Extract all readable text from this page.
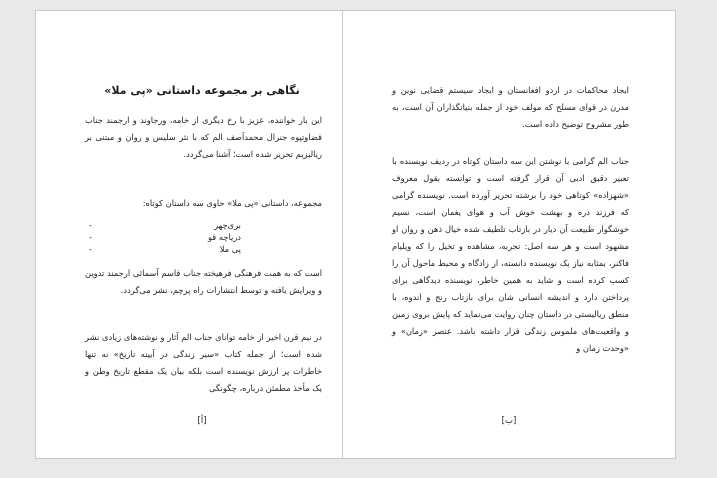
نگاهی بر مجموعه داستانی «پی ملا»

این بار خواننده، عزیز با رخ دیگری از خامه، ورجاوند و ارجمند جناب قضاوتپوه جنرال محمدآصف الم که با نثر سلیس و روان و مبتنی بر ریالیزیم تحریر شده است؛ آشنا می‌گردد.

مجموعه، داستانی «پی ملا» حاوی سه داستان کوتاه:

بری‌چهر
-
دریاچه قو
-
پی ملا
-

است که به همت فرهنگی فرهیخته جناب قاسم آسمائی ارجمند تدوین و ویرایش یافته و توسط انتشارات راه پرچم، نشر می‌گردد.

در نیم قرن اخیر از خامه توانای جناب الم آثار و نوشته‌های زیادی نشر شده است؛ از جمله کتاب «سیر زندگی در آیینه تاریخ» نه تنها خاطرات پر ارزش نویسنده است بلکه بیان یک مقطع تاریخ وطن و یک مأخذ مطمئن درباره، چگونگی

[أ]

ایجاد محاکمات در اردو افغانستان و ایجاد سیستم قضایی نوین و مدرن در قوای مسلح که مولف خود از جمله بنیانگذاران آن است، به طور مشروح توضیح داده است.

جناب الم گرامی با نوشتن این سه داستان کوتاه در ردیف نویسنده با تعبیر دقیق ادبی آن قرار گرفته است و توانسته بقول معروف «شهزاده» کوتاهی خود را برشته تحریر آورده است. نویسنده گرامی که فرزند دره و بهشت خوش آب و هوای یغمان است، نسیم خوشگوار طبیعت آن دیار در بازتاب تلطیف شده خیال ذهن و روان او مشهود است و هر سه اصل: تجربه، مشاهده و تخیل را که ویلیام فاکنر، بمثابه نیاز یک نویسنده دانسته، از زادگاه و محیط ماحول آن را کسب کرده است و شاید به همین خاطر، نویسنده دیدگاهی برای پرداختن دارد و اندیشه انسانی شان برای بازتاب رنج و اندوه، با منطق ریالیستی در داستان چنان روایت می‌نماید که پایش بروی زمین و واقعیت‌های ملموس زندگی قرار داشته باشد. عنصر «زمان» و «وحدت زمان و

[ب]
